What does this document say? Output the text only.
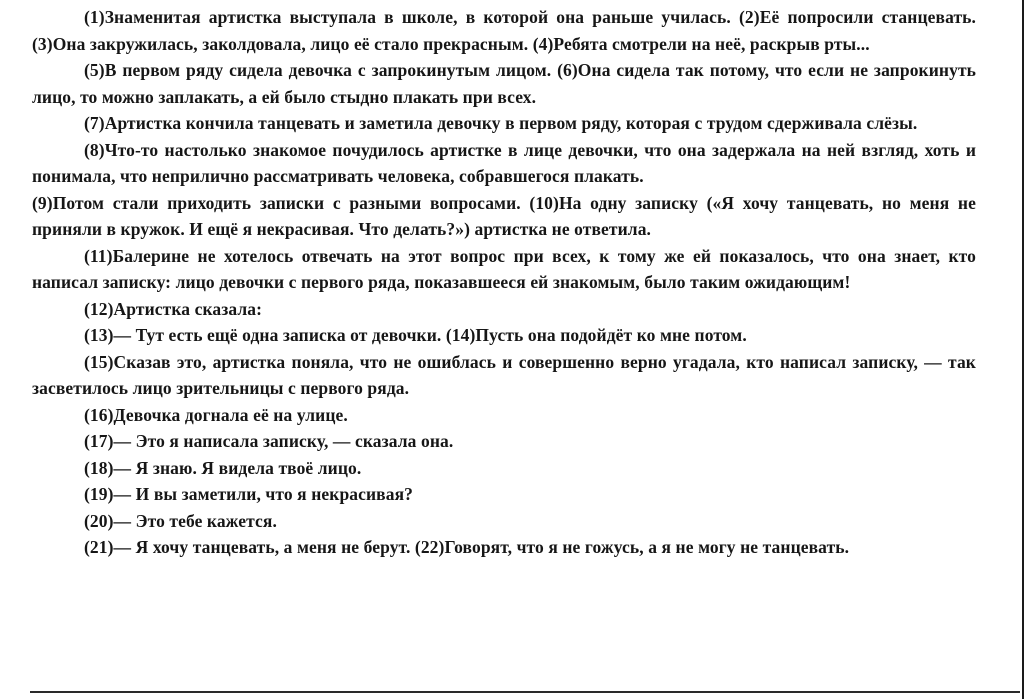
(1)Знаменитая артистка выступала в школе, в которой она раньше училась. (2)Её попросили станцевать. (3)Она закружилась, заколдовала, лицо её стало прекрасным. (4)Ребята смотрели на неё, раскрыв рты...

(5)В первом ряду сидела девочка с запрокинутым лицом. (6)Она сидела так потому, что если не запрокинуть лицо, то можно заплакать, а ей было стыдно плакать при всех.

(7)Артистка кончила танцевать и заметила девочку в первом ряду, которая с трудом сдерживала слёзы.

(8)Что-то настолько знакомое почудилось артистке в лице девочки, что она задержала на ней взгляд, хоть и понимала, что неприлично рассматривать человека, собравшегося плакать.

(9)Потом стали приходить записки с разными вопросами. (10)На одну записку («Я хочу танцевать, но меня не приняли в кружок. И ещё я некрасивая. Что делать?») артистка не ответила.

(11)Балерине не хотелось отвечать на этот вопрос при всех, к тому же ей показалось, что она знает, кто написал записку: лицо девочки с первого ряда, показавшееся ей знакомым, было таким ожидающим!

(12)Артистка сказала:

(13)— Тут есть ещё одна записка от девочки. (14)Пусть она подойдёт ко мне потом.

(15)Сказав это, артистка поняла, что не ошиблась и совершенно верно угадала, кто написал записку, — так засветилось лицо зрительницы с первого ряда.

(16)Девочка догнала её на улице.

(17)— Это я написала записку, — сказала она.

(18)— Я знаю. Я видела твоё лицо.

(19)— И вы заметили, что я некрасивая?

(20)— Это тебе кажется.

(21)— Я хочу танцевать, а меня не берут. (22)Говорят, что я не гожусь, а я не могу не танцевать.
